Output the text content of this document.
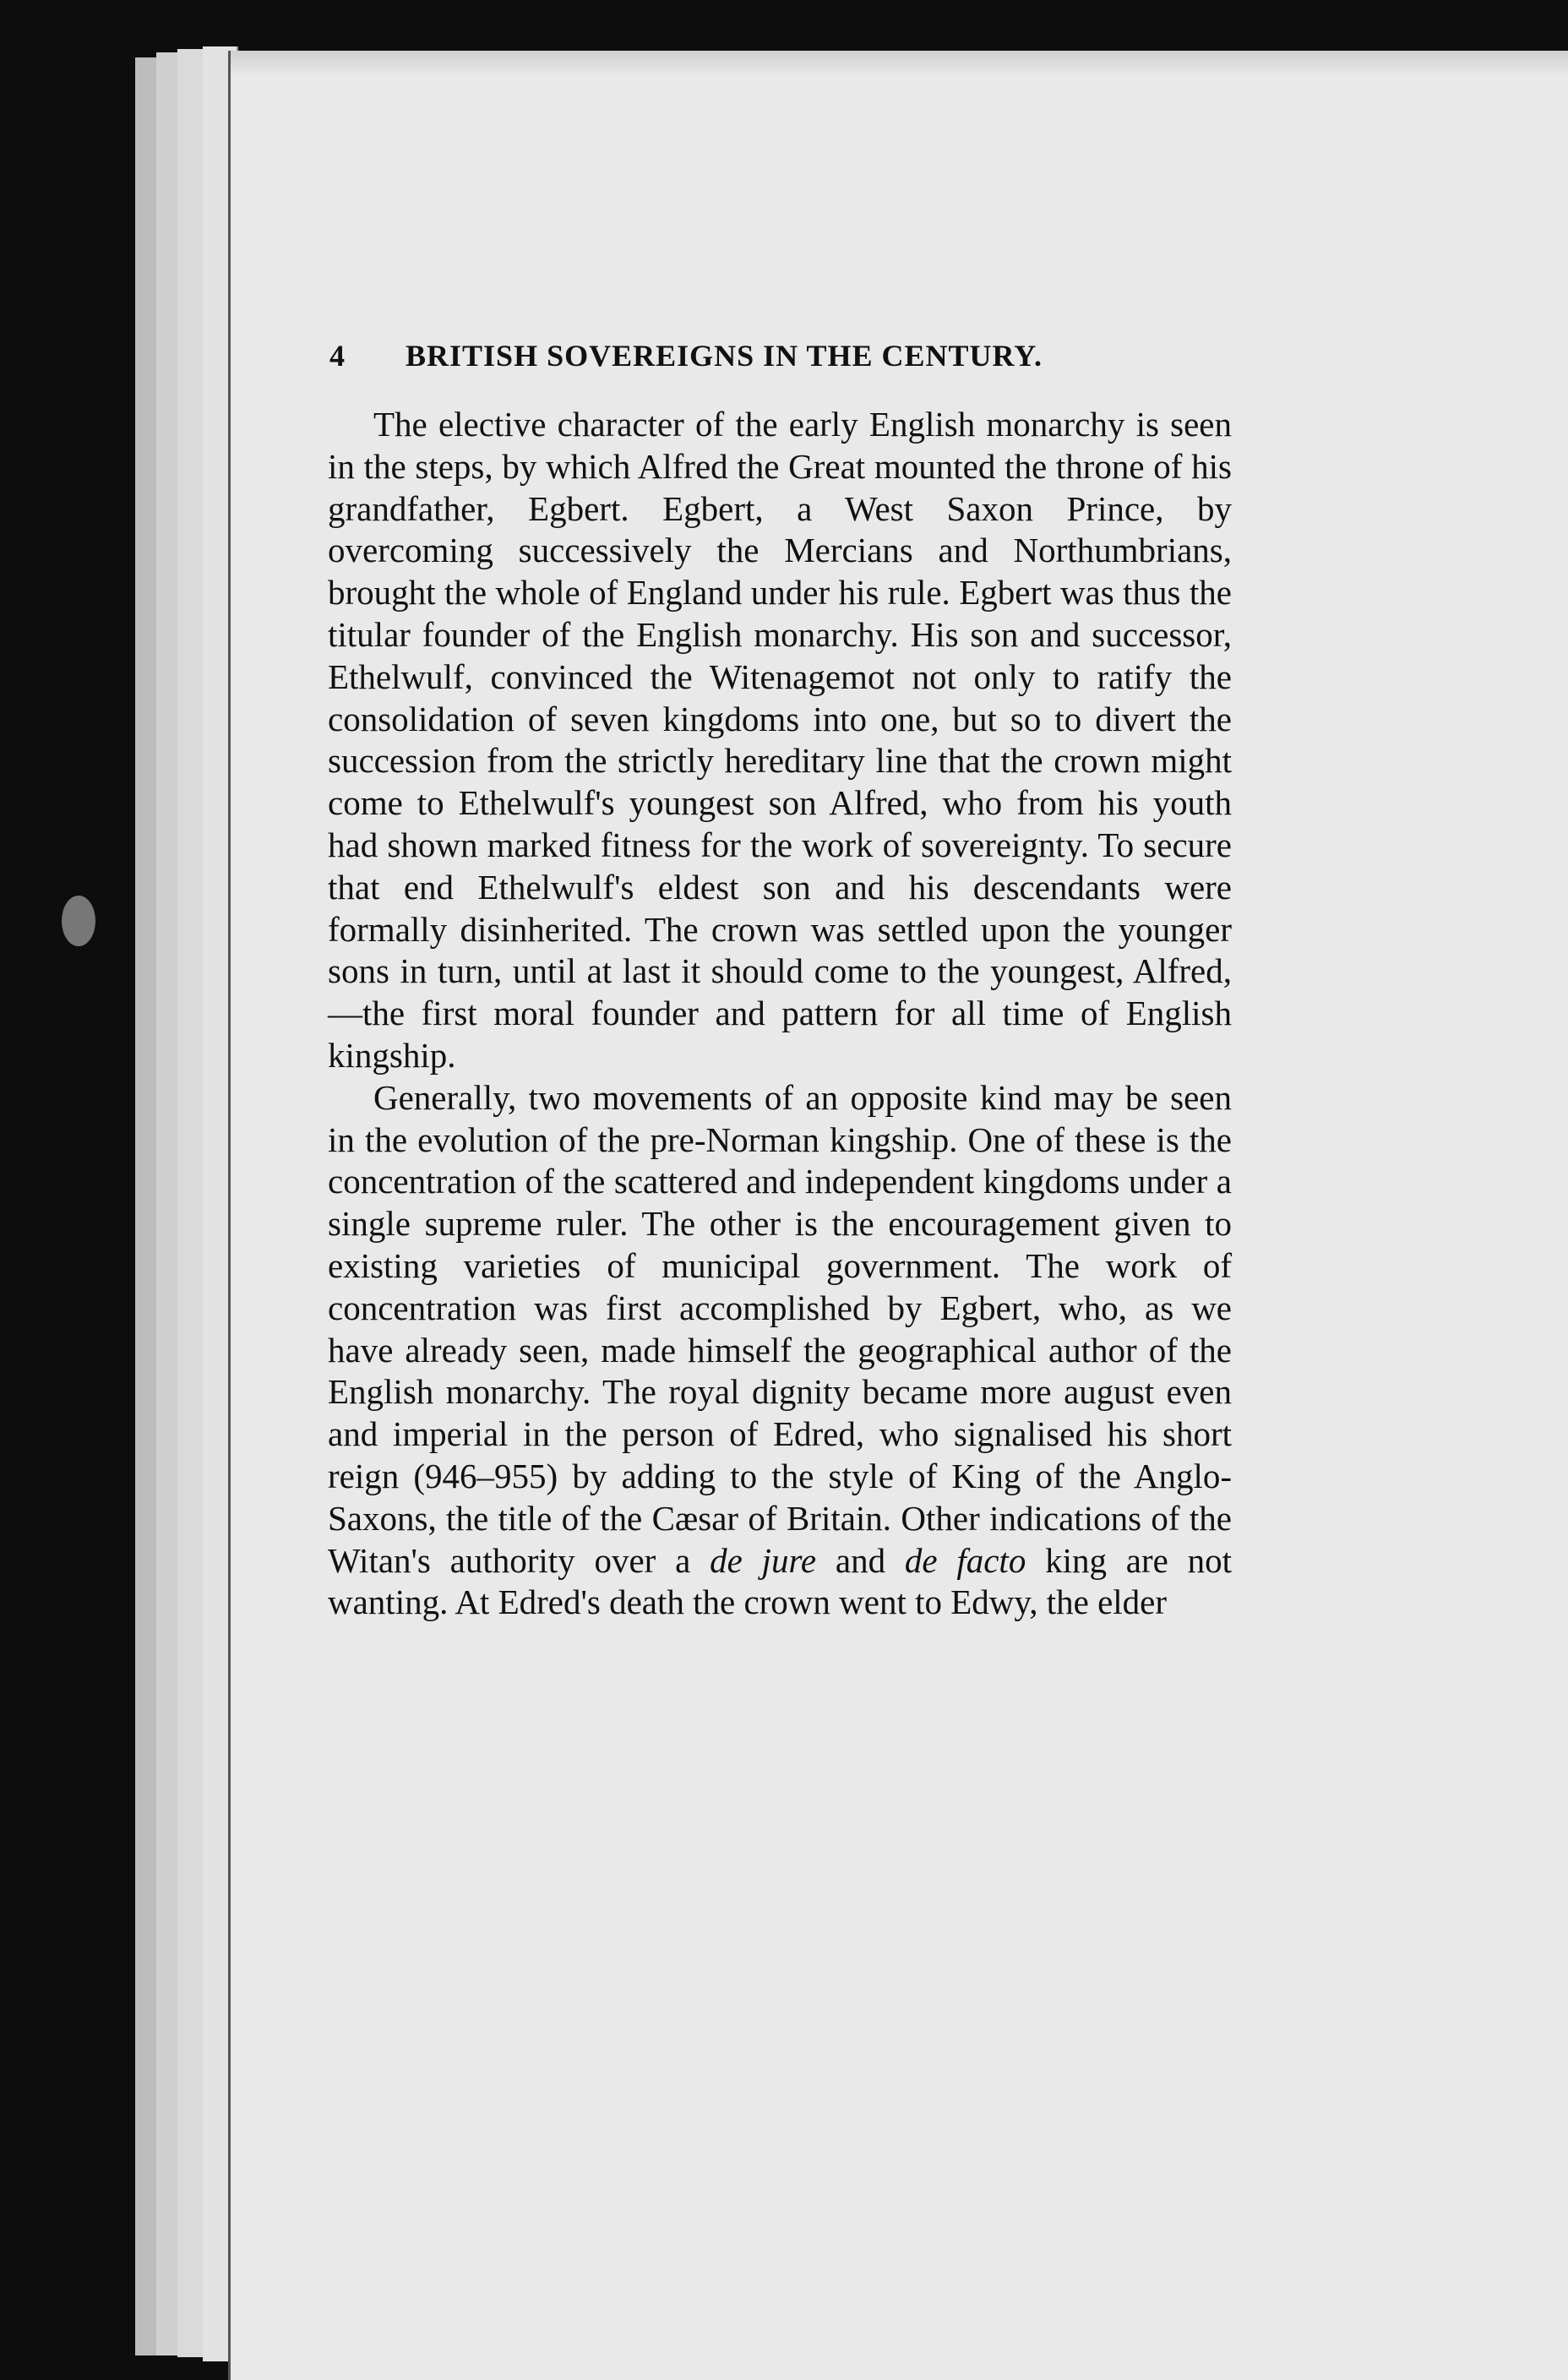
4 BRITISH SOVEREIGNS IN THE CENTURY.

The elective character of the early English monarchy is seen in the steps, by which Alfred the Great mounted the throne of his grandfather, Egbert. Egbert, a West Saxon Prince, by overcoming successively the Mercians and Northumbrians, brought the whole of England under his rule. Egbert was thus the titular founder of the English monarchy. His son and successor, Ethelwulf, convinced the Witenagemot not only to ratify the consolidation of seven kingdoms into one, but so to divert the succession from the strictly hereditary line that the crown might come to Ethelwulf's youngest son Alfred, who from his youth had shown marked fitness for the work of sovereignty. To secure that end Ethelwulf's eldest son and his descendants were formally disinherited. The crown was settled upon the younger sons in turn, until at last it should come to the youngest, Alfred,—the first moral founder and pattern for all time of English kingship.

Generally, two movements of an opposite kind may be seen in the evolution of the pre-Norman kingship. One of these is the concentration of the scattered and independent kingdoms under a single supreme ruler. The other is the encouragement given to existing varieties of municipal government. The work of concentration was first accomplished by Egbert, who, as we have already seen, made himself the geographical author of the English monarchy. The royal dignity became more august even and imperial in the person of Edred, who signalised his short reign (946–955) by adding to the style of King of the Anglo-Saxons, the title of the Cæsar of Britain. Other indications of the Witan's authority over a de jure and de facto king are not wanting. At Edred's death the crown went to Edwy, the elder
